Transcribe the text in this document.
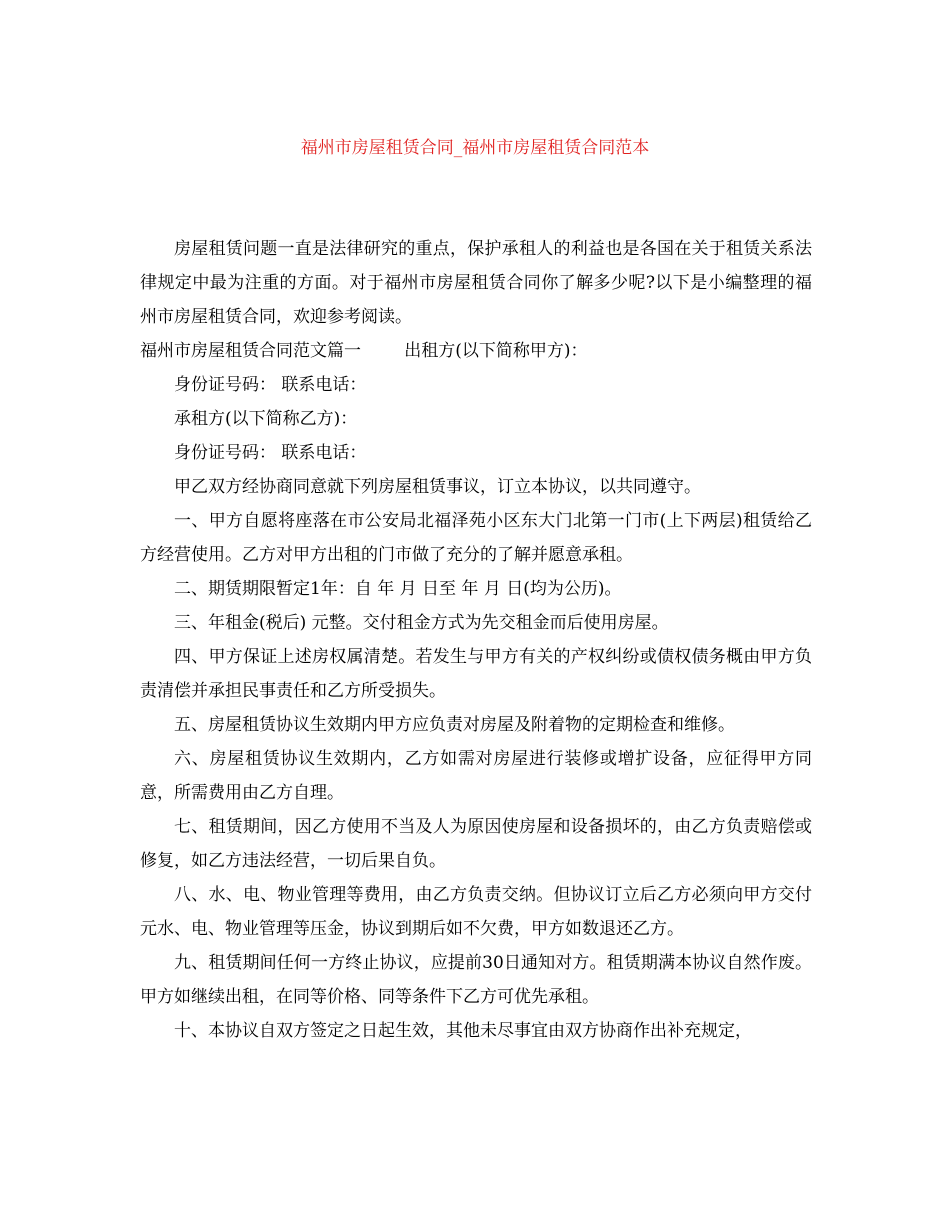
福州市房屋租赁合同_福州市房屋租赁合同范本

房屋租赁问题一直是法律研究的重点，保护承租人的利益也是各国在关于租赁关系法律规定中最为注重的方面。对于福州市房屋租赁合同你了解多少呢?以下是小编整理的福州市房屋租赁合同，欢迎参考阅读。

福州市房屋租赁合同范文篇一	出租方(以下简称甲方)：

身份证号码： 联系电话：

承租方(以下简称乙方)：

身份证号码： 联系电话：

甲乙双方经协商同意就下列房屋租赁事议，订立本协议，以共同遵守。

一、甲方自愿将座落在市公安局北福泽苑小区东大门北第一门市(上下两层)租赁给乙方经营使用。乙方对甲方出租的门市做了充分的了解并愿意承租。

二、期赁期限暂定1年：自 年 月 日至 年 月 日(均为公历)。

三、年租金(税后) 元整。交付租金方式为先交租金而后使用房屋。

四、甲方保证上述房权属清楚。若发生与甲方有关的产权纠纷或债权债务概由甲方负责清偿并承担民事责任和乙方所受损失。

五、房屋租赁协议生效期内甲方应负责对房屋及附着物的定期检查和维修。

六、房屋租赁协议生效期内，乙方如需对房屋进行装修或增扩设备，应征得甲方同意，所需费用由乙方自理。

七、租赁期间，因乙方使用不当及人为原因使房屋和设备损坏的，由乙方负责赔偿或修复，如乙方违法经营，一切后果自负。

八、水、电、物业管理等费用，由乙方负责交纳。但协议订立后乙方必须向甲方交付 元水、电、物业管理等压金，协议到期后如不欠费，甲方如数退还乙方。

九、租赁期间任何一方终止协议，应提前30日通知对方。租赁期满本协议自然作废。甲方如继续出租，在同等价格、同等条件下乙方可优先承租。

十、本协议自双方签定之日起生效，其他未尽事宜由双方协商作出补充规定，
